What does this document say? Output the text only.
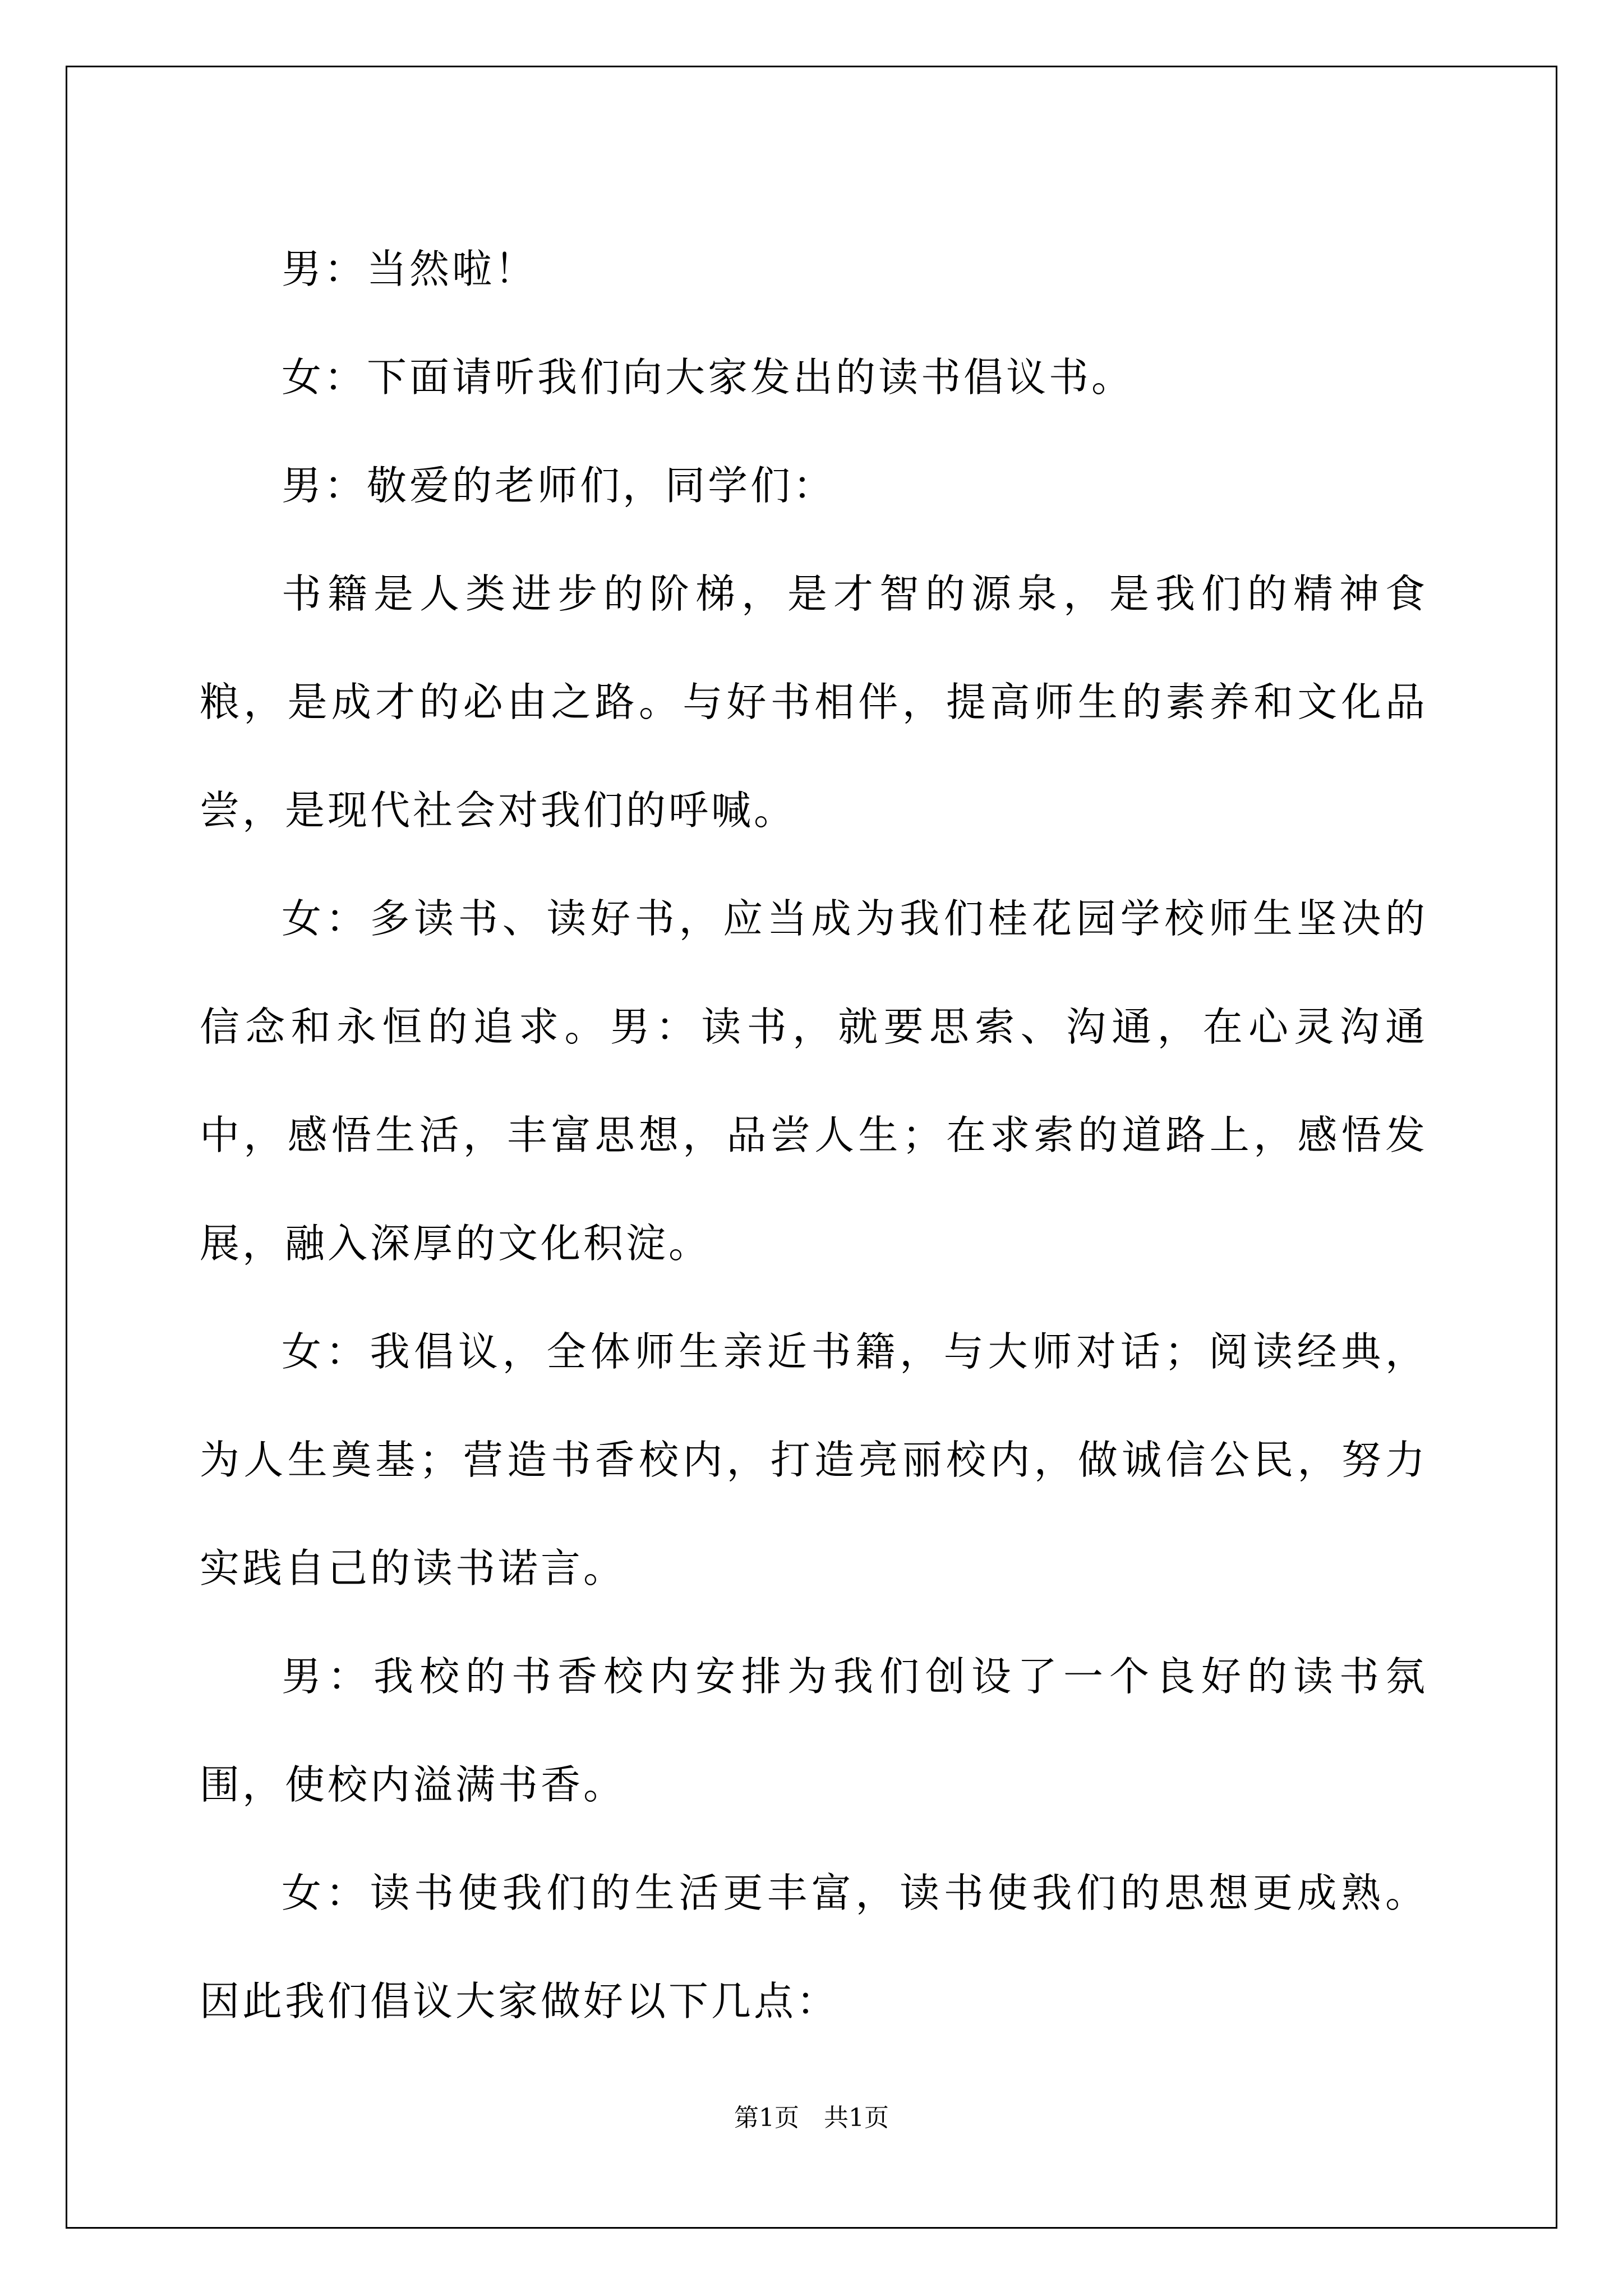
男：当然啦！

女：下面请听我们向大家发出的读书倡议书。

男：敬爱的老师们，同学们：

书籍是人类进步的阶梯，是才智的源泉，是我们的精神食粮，是成才的必由之路。与好书相伴，提高师生的素养和文化品尝，是现代社会对我们的呼喊。

女：多读书、读好书，应当成为我们桂花园学校师生坚决的信念和永恒的追求。男：读书，就要思索、沟通，在心灵沟通中，感悟生活，丰富思想，品尝人生；在求索的道路上，感悟发展，融入深厚的文化积淀。

女：我倡议，全体师生亲近书籍，与大师对话；阅读经典，为人生奠基；营造书香校内，打造亮丽校内，做诚信公民，努力实践自己的读书诺言。

男：我校的书香校内安排为我们创设了一个良好的读书氛围，使校内溢满书香。

女：读书使我们的生活更丰富，读书使我们的思想更成熟。因此我们倡议大家做好以下几点：

第1页　共1页
